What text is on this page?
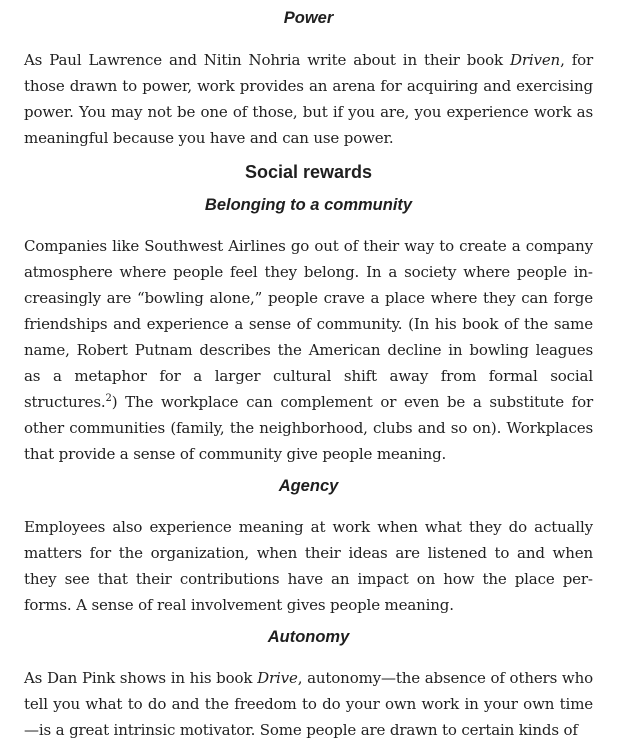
Power

As Paul Lawrence and Nitin Nohria write about in their book Driven, for those drawn to power, work provides an arena for acquiring and exercising power. You may not be one of those, but if you are, you experience work as meaningful because you have and can use power.

Social rewards
Belonging to a community

Companies like Southwest Airlines go out of their way to create a company atmosphere where people feel they belong. In a society where people increasingly are “bowling alone,” people crave a place where they can forge friendships and experience a sense of community. (In his book of the same name, Robert Putnam describes the American decline in bowling leagues as a metaphor for a larger cultural shift away from formal social structures.$^2$) The workplace can complement or even be a substitute for other communities (family, the neighborhood, clubs and so on). Workplaces that provide a sense of community give people meaning.

Agency

Employees also experience meaning at work when what they do actually matters for the organization, when their ideas are listened to and when they see that their contributions have an impact on how the place performs. A sense of real involvement gives people meaning.

Autonomy

As Dan Pink shows in his book Drive, autonomy—the absence of others who tell you what to do and the freedom to do your own work in your own time —is a great intrinsic motivator. Some people are drawn to certain kinds of
